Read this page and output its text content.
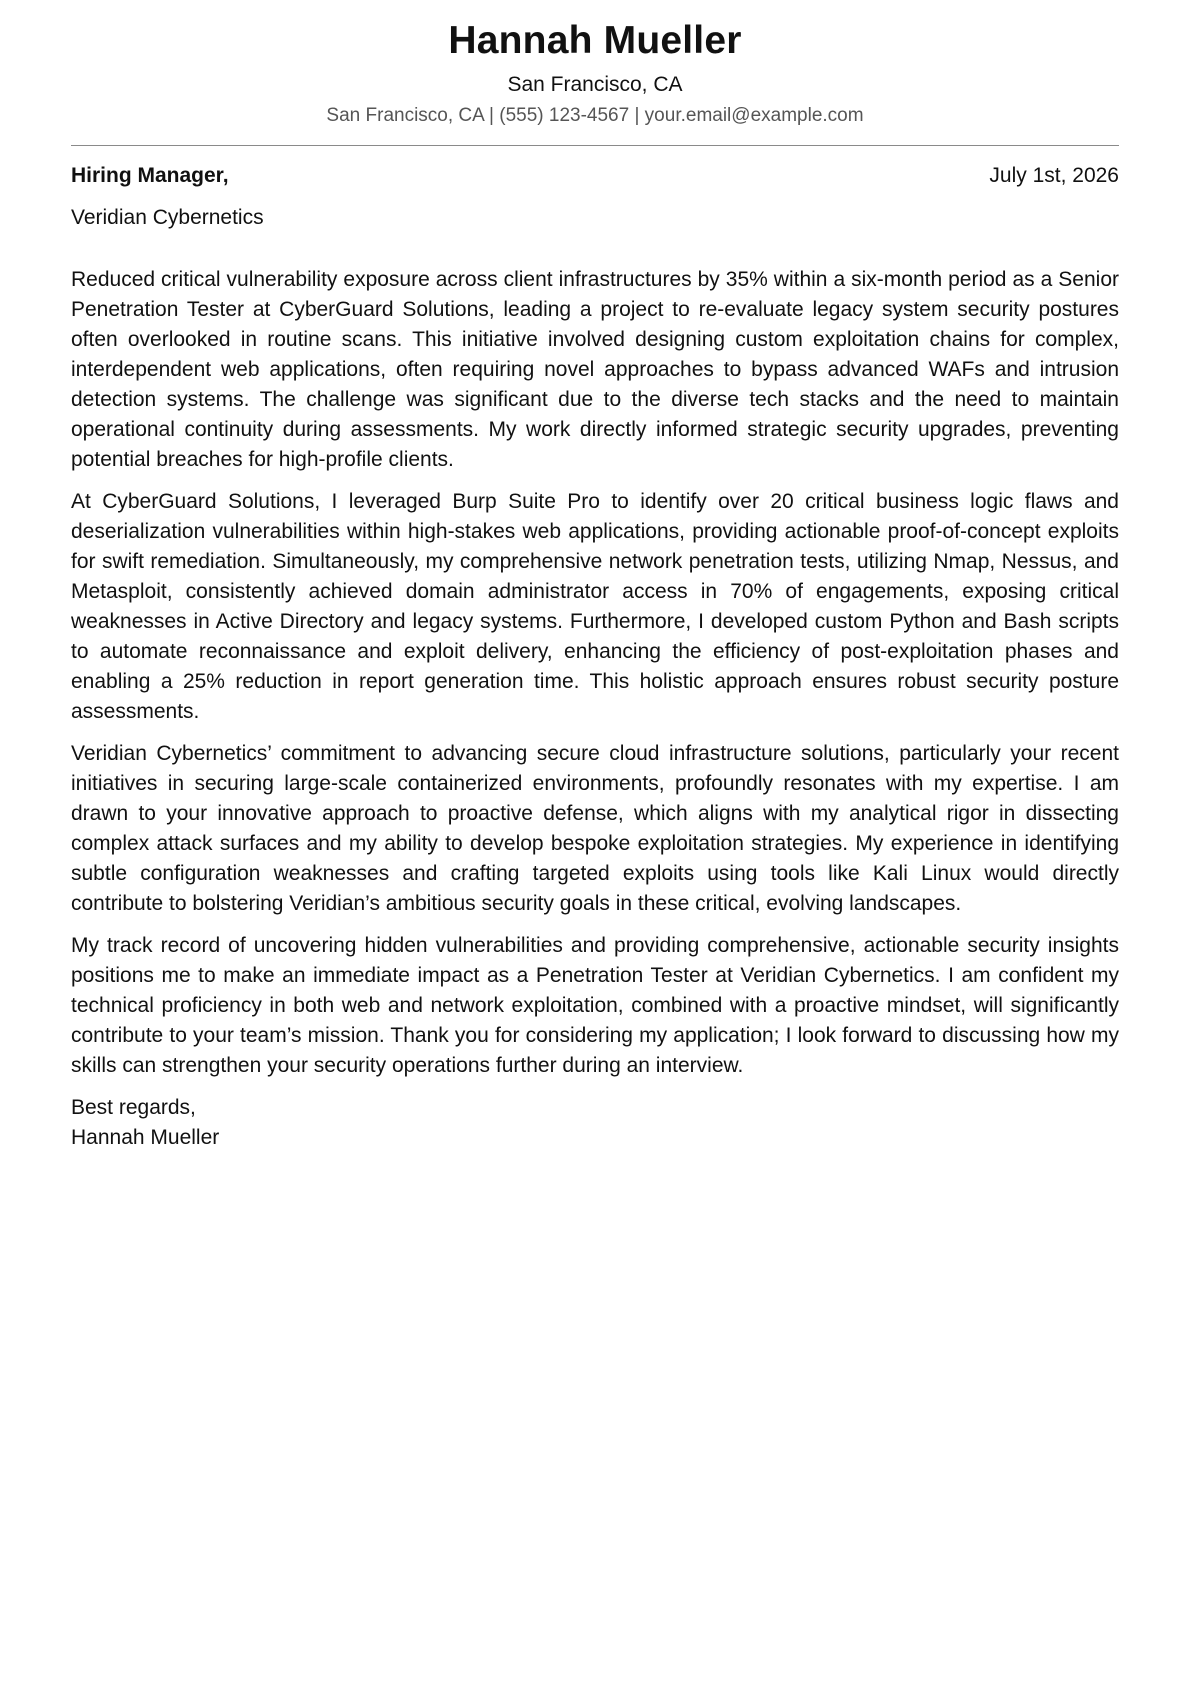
Hannah Mueller
San Francisco, CA
San Francisco, CA | (555) 123-4567 | your.email@example.com
Hiring Manager,	July 1st, 2026
Veridian Cybernetics

Reduced critical vulnerability exposure across client infrastructures by 35% within a six-month period as a Senior Penetration Tester at CyberGuard Solutions, leading a project to re-evaluate legacy system security postures often overlooked in routine scans. This initiative involved designing custom exploitation chains for complex, interdependent web applications, often requiring novel approaches to bypass advanced WAFs and intrusion detection systems. The challenge was significant due to the diverse tech stacks and the need to maintain operational continuity during assessments. My work directly informed strategic security upgrades, preventing potential breaches for high-profile clients.

At CyberGuard Solutions, I leveraged Burp Suite Pro to identify over 20 critical business logic flaws and deserialization vulnerabilities within high-stakes web applications, providing actionable proof-of-concept exploits for swift remediation. Simultaneously, my comprehensive network penetration tests, utilizing Nmap, Nessus, and Metasploit, consistently achieved domain administrator access in 70% of engagements, exposing critical weaknesses in Active Directory and legacy systems. Furthermore, I developed custom Python and Bash scripts to automate reconnaissance and exploit delivery, enhancing the efficiency of post-exploitation phases and enabling a 25% reduction in report generation time. This holistic approach ensures robust security posture assessments.

Veridian Cybernetics’ commitment to advancing secure cloud infrastructure solutions, particularly your recent initiatives in securing large-scale containerized environments, profoundly resonates with my expertise. I am drawn to your innovative approach to proactive defense, which aligns with my analytical rigor in dissecting complex attack surfaces and my ability to develop bespoke exploitation strategies. My experience in identifying subtle configuration weaknesses and crafting targeted exploits using tools like Kali Linux would directly contribute to bolstering Veridian’s ambitious security goals in these critical, evolving landscapes.

My track record of uncovering hidden vulnerabilities and providing comprehensive, actionable security insights positions me to make an immediate impact as a Penetration Tester at Veridian Cybernetics. I am confident my technical proficiency in both web and network exploitation, combined with a proactive mindset, will significantly contribute to your team’s mission. Thank you for considering my application; I look forward to discussing how my skills can strengthen your security operations further during an interview.

Best regards,
Hannah Mueller
